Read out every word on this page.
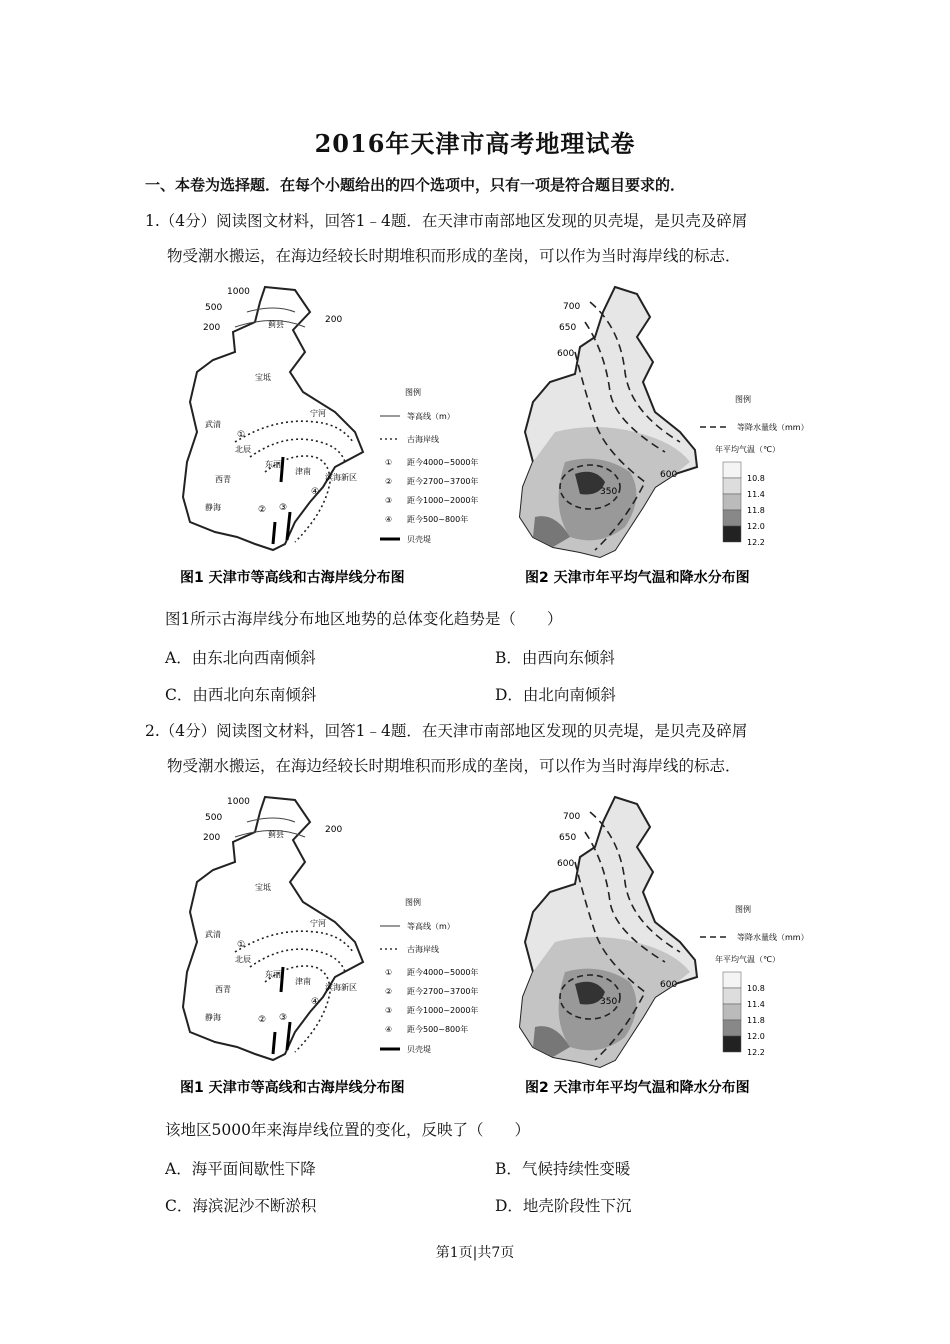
2016年天津市高考地理试卷
一、本卷为选择题．在每个小题给出的四个选项中，只有一项是符合题目要求的．
1.（4分）阅读图文材料，回答1﹣4题．在天津市南部地区发现的贝壳堤，是贝壳及碎屑
物受潮水搬运，在海边经较长时期堆积而形成的垄岗，可以作为当时海岸线的标志．
1000
500
200
200
蓟县
宝坻
武清
宁河
北辰
东丽
津南
西青	滨海新区
静海
①
② ③
④
图例
等高线（m）
古海岸线
① 距今4000~5000年
② 距今2700~3700年
③ 距今1000~2000年
④ 距今500~800年
贝壳堤
图1 天津市等高线和古海岸线分布图
700
650
600
600
350
图例
等降水量线（mm）
年平均气温（℃）
10.8
11.4
11.8
12.0
12.2
图2 天津市年平均气温和降水分布图
图1所示古海岸线分布地区地势的总体变化趋势是（　　）
A．由东北向西南倾斜	B．由西向东倾斜
C．由西北向东南倾斜	D．由北向南倾斜
2.（4分）阅读图文材料，回答1﹣4题．在天津市南部地区发现的贝壳堤，是贝壳及碎屑
物受潮水搬运，在海边经较长时期堆积而形成的垄岗，可以作为当时海岸线的标志．
1000
500
200
200
蓟县
宝坻
武清
宁河
北辰
东丽
津南
西青	滨海新区
静海
①
② ③
④
图例
等高线（m）
古海岸线
① 距今4000~5000年
② 距今2700~3700年
③ 距今1000~2000年
④ 距今500~800年
贝壳堤
图1 天津市等高线和古海岸线分布图
700
650
600
600
350
图例
等降水量线（mm）
年平均气温（℃）
10.8
11.4
11.8
12.0
12.2
图2 天津市年平均气温和降水分布图
该地区5000年来海岸线位置的变化，反映了（　　）
A．海平面间歇性下降	B．气候持续性变暖
C．海滨泥沙不断淤积	D．地壳阶段性下沉
第1页|共7页
